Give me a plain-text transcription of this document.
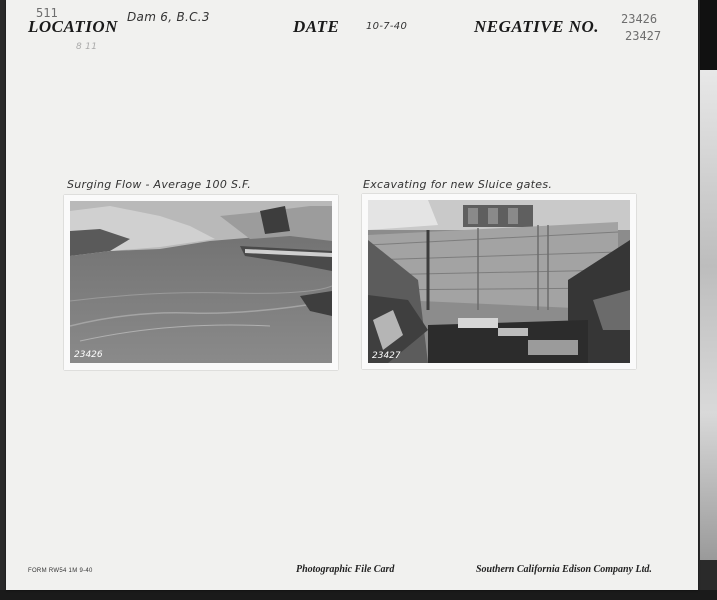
511
LOCATION Dam 6, B.C.3
8 11
DATE	10-7-40	NEGATIVE NO. 23426
23427
Surging Flow - Average 100 S.F.
23426
Excavating for new Sluice gates.
23427
FORM RW54 1M 9-40	Photographic File Card	Southern California Edison Company Ltd.
